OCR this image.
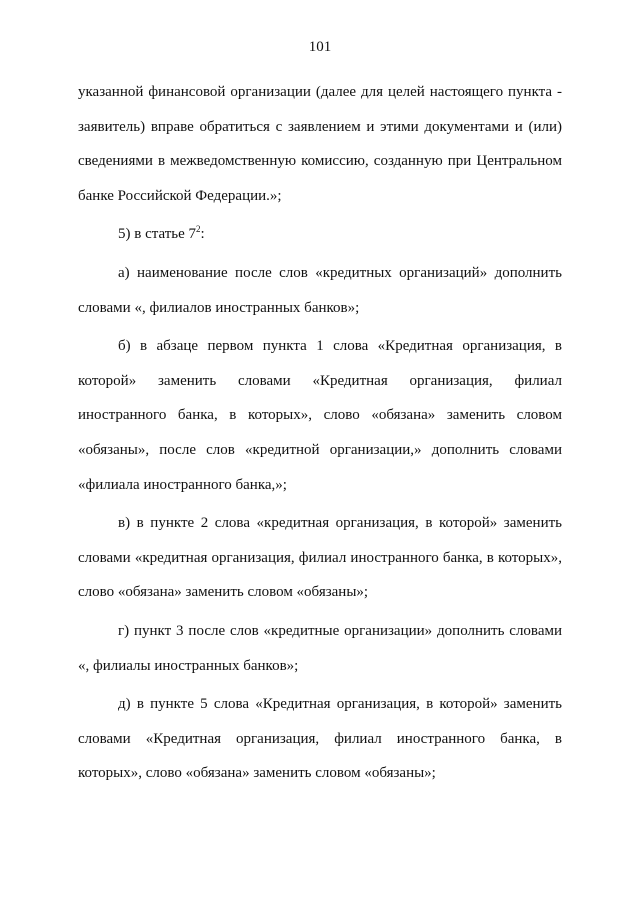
101

указанной финансовой организации (далее для целей настоящего пункта - заявитель) вправе обратиться с заявлением и этими документами и (или) сведениями в межведомственную комиссию, созданную при Центральном банке Российской Федерации.»;

5) в статье $7^2$:

а) наименование после слов «кредитных организаций» дополнить словами «, филиалов иностранных банков»;

б) в абзаце первом пункта 1 слова «Кредитная организация, в которой» заменить словами «Кредитная организация, филиал иностранного банка, в которых», слово «обязана» заменить словом «обязаны», после слов «кредитной организации,» дополнить словами «филиала иностранного банка,»;

в) в пункте 2 слова «кредитная организация, в которой» заменить словами «кредитная организация, филиал иностранного банка, в которых», слово «обязана» заменить словом «обязаны»;

г) пункт 3 после слов «кредитные организации» дополнить словами «, филиалы иностранных банков»;

д) в пункте 5 слова «Кредитная организация, в которой» заменить словами «Кредитная организация, филиал иностранного банка, в которых», слово «обязана» заменить словом «обязаны»;
